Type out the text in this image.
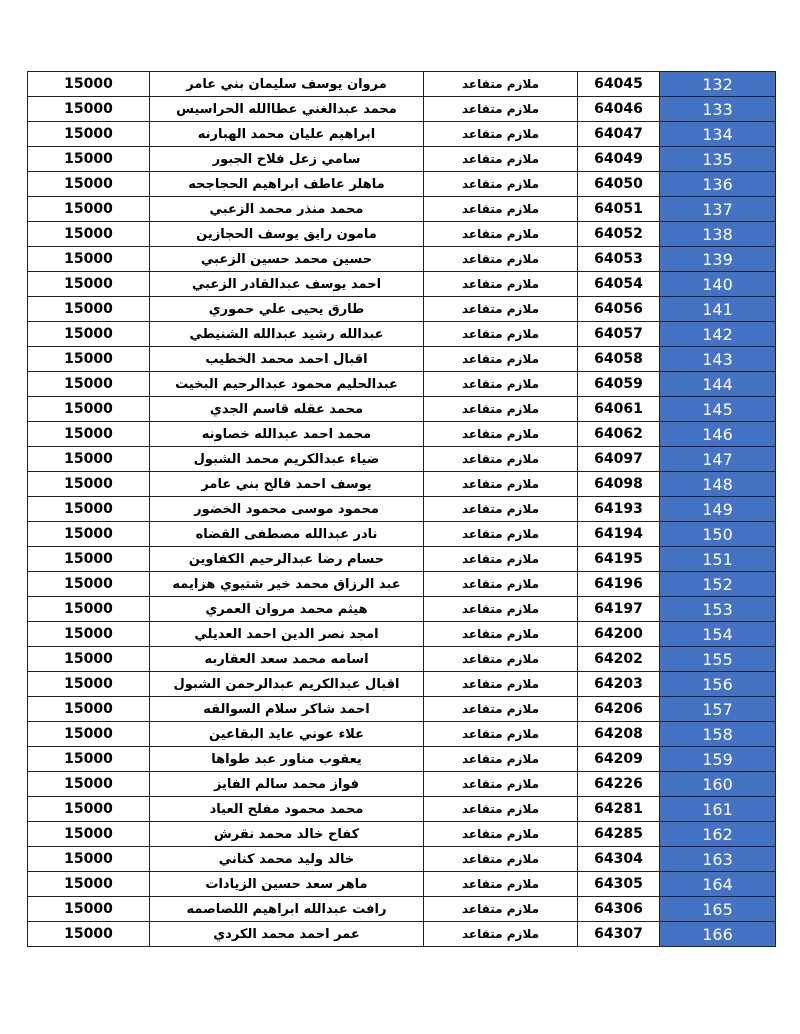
15000	مروان يوسف سليمان بني عامر	ملازم متقاعد	64045	132
15000	محمد عبدالغني عطاالله الحراسيس	ملازم متقاعد	64046	133
15000	ابراهيم عليان محمد الهبارنه	ملازم متقاعد	64047	134
15000	سامي زعل فلاح الجبور	ملازم متقاعد	64049	135
15000	ماهلر عاطف ابراهيم الحجاجحه	ملازم متقاعد	64050	136
15000	محمد منذر محمد الزعبي	ملازم متقاعد	64051	137
15000	مامون رايق يوسف الحجازين	ملازم متقاعد	64052	138
15000	حسين محمد حسين الزعبي	ملازم متقاعد	64053	139
15000	احمد يوسف عبدالقادر الزعبي	ملازم متقاعد	64054	140
15000	طارق يحيى علي حموري	ملازم متقاعد	64056	141
15000	عبدالله رشيد عبدالله الشنيطي	ملازم متقاعد	64057	142
15000	اقبال احمد محمد الخطيب	ملازم متقاعد	64058	143
15000	عبدالحليم محمود عبدالرحيم البخيت	ملازم متقاعد	64059	144
15000	محمد عقله قاسم الجدي	ملازم متقاعد	64061	145
15000	محمد احمد عبدالله خصاونه	ملازم متقاعد	64062	146
15000	ضياء عبدالكريم محمد الشبول	ملازم متقاعد	64097	147
15000	يوسف احمد فالح بني عامر	ملازم متقاعد	64098	148
15000	محمود موسى محمود الخضور	ملازم متقاعد	64193	149
15000	نادر عبدالله مصطفى القضاه	ملازم متقاعد	64194	150
15000	حسام رضا عبدالرحيم الكفاوين	ملازم متقاعد	64195	151
15000	عبد الرزاق محمد خير شتيوي هزايمه	ملازم متقاعد	64196	152
15000	هيثم محمد مروان العمري	ملازم متقاعد	64197	153
15000	امجد نصر الدين احمد العديلي	ملازم متقاعد	64200	154
15000	اسامه محمد سعد العقاربه	ملازم متقاعد	64202	155
15000	اقبال عبدالكريم عبدالرحمن الشبول	ملازم متقاعد	64203	156
15000	احمد شاكر سلام السوالقه	ملازم متقاعد	64206	157
15000	علاء عوني عايد البقاعين	ملازم متقاعد	64208	158
15000	يعقوب مناور عبد طواها	ملازم متقاعد	64209	159
15000	فواز محمد سالم الفايز	ملازم متقاعد	64226	160
15000	محمد محمود مفلح العياد	ملازم متقاعد	64281	161
15000	كفاح خالد محمد نقرش	ملازم متقاعد	64285	162
15000	خالد وليد محمد كناني	ملازم متقاعد	64304	163
15000	ماهر سعد حسين الزيادات	ملازم متقاعد	64305	164
15000	رافت عبدالله ابراهيم اللصاصمه	ملازم متقاعد	64306	165
15000	عمر احمد محمد الكردي	ملازم متقاعد	64307	166
